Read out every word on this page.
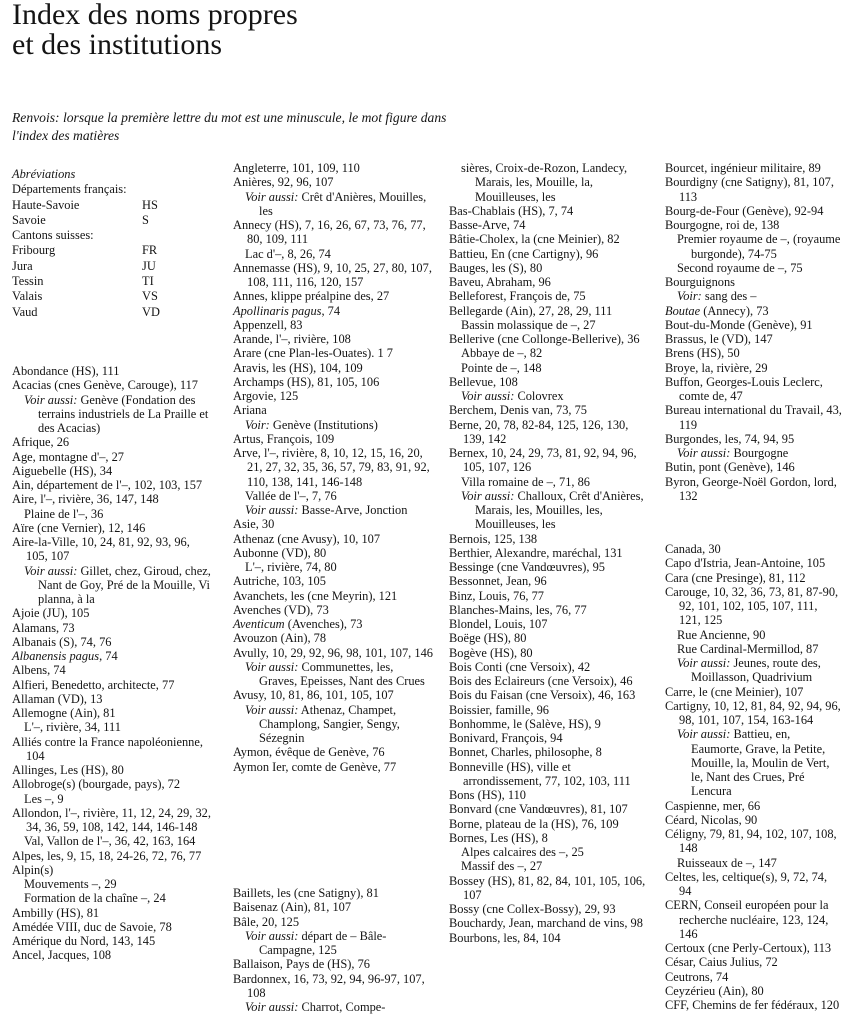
Index des noms propres
et des institutions

Renvois: lorsque la première lettre du mot est une minuscule, le mot figure dans l'index des matières

Abréviations
Départements français:
Haute-Savoie	HS
Savoie	S
Cantons suisses:
Fribourg	FR
Jura	JU
Tessin	TI
Valais	VS
Vaud	VD
Abondance (HS), 111
Acacias (cnes Genève, Carouge), 117
Voir aussi: Genève (Fondation des terrains industriels de La Praille et des Acacias)
Afrique, 26
Age, montagne d'–, 27
Aiguebelle (HS), 34
Ain, département de l'–, 102, 103, 157
Aire, l'–, rivière, 36, 147, 148
Plaine de l'–, 36
Aïre (cne Vernier), 12, 146
Aire-la-Ville, 10, 24, 81, 92, 93, 96, 105, 107
Voir aussi: Gillet, chez, Giroud, chez, Nant de Goy, Pré de la Mouille, Vi planna, à la
Ajoie (JU), 105
Alamans, 73
Albanais (S), 74, 76
Albanensis pagus, 74
Albens, 74
Alfieri, Benedetto, architecte, 77
Allaman (VD), 13
Allemogne (Ain), 81
L'–, rivière, 34, 111
Alliés contre la France napoléonienne, 104
Allinges, Les (HS), 80
Allobroge(s) (bourgade, pays), 72
Les –, 9
Allondon, l'–, rivière, 11, 12, 24, 29, 32, 34, 36, 59, 108, 142, 144, 146-148
Val, Vallon de l'–, 36, 42, 163, 164
Alpes, les, 9, 15, 18, 24-26, 72, 76, 77
Alpin(s)
Mouvements –, 29
Formation de la chaîne –, 24
Ambilly (HS), 81
Amédée VIII, duc de Savoie, 78
Amérique du Nord, 143, 145
Ancel, Jacques, 108
Angleterre, 101, 109, 110
Anières, 92, 96, 107
Voir aussi: Crêt d'Anières, Mouilles, les
Annecy (HS), 7, 16, 26, 67, 73, 76, 77, 80, 109, 111
Lac d'–, 8, 26, 74
Annemasse (HS), 9, 10, 25, 27, 80, 107, 108, 111, 116, 120, 157
Annes, klippe préalpine des, 27
Apollinaris pagus, 74
Appenzell, 83
Arande, l'–, rivière, 108
Arare (cne Plan-les-Ouates). 1 7
Aravis, les (HS), 104, 109
Archamps (HS), 81, 105, 106
Argovie, 125
Ariana
Voir: Genève (Institutions)
Artus, François, 109
Arve, l'–, rivière, 8, 10, 12, 15, 16, 20, 21, 27, 32, 35, 36, 57, 79, 83, 91, 92, 110, 138, 141, 146-148
Vallée de l'–, 7, 76
Voir aussi: Basse-Arve, Jonction
Asie, 30
Athenaz (cne Avusy), 10, 107
Aubonne (VD), 80
L'–, rivière, 74, 80
Autriche, 103, 105
Avanchets, les (cne Meyrin), 121
Avenches (VD), 73
Aventicum (Avenches), 73
Avouzon (Ain), 78
Avully, 10, 29, 92, 96, 98, 101, 107, 146
Voir aussi: Communettes, les, Graves, Epeisses, Nant des Crues
Avusy, 10, 81, 86, 101, 105, 107
Voir aussi: Athenaz, Champet, Champlong, Sangier, Sengy, Sézegnin
Aymon, évêque de Genève, 76
Aymon Ier, comte de Genève, 77
Baillets, les (cne Satigny), 81
Baisenaz (Ain), 81, 107
Bâle, 20, 125
Voir aussi: départ de – Bâle-Campagne, 125
Ballaison, Pays de (HS), 76
Bardonnex, 16, 73, 92, 94, 96-97, 107, 108
Voir aussi: Charrot, Compe-
sières, Croix-de-Rozon, Landecy, Marais, les, Mouille, la, Mouilleuses, les
Bas-Chablais (HS), 7, 74
Basse-Arve, 74
Bâtie-Cholex, la (cne Meinier), 82
Battieu, En (cne Cartigny), 96
Bauges, les (S), 80
Baveu, Abraham, 96
Belleforest, François de, 75
Bellegarde (Ain), 27, 28, 29, 111
Bassin molassique de –, 27
Bellerive (cne Collonge-Bellerive), 36
Abbaye de –, 82
Pointe de –, 148
Bellevue, 108
Voir aussi: Colovrex
Berchem, Denis van, 73, 75
Berne, 20, 78, 82-84, 125, 126, 130, 139, 142
Bernex, 10, 24, 29, 73, 81, 92, 94, 96, 105, 107, 126
Villa romaine de –, 71, 86
Voir aussi: Challoux, Crêt d'Anières, Marais, les, Mouilles, les, Mouilleuses, les
Bernois, 125, 138
Berthier, Alexandre, maréchal, 131
Bessinge (cne Vandœuvres), 95
Bessonnet, Jean, 96
Binz, Louis, 76, 77
Blanches-Mains, les, 76, 77
Blondel, Louis, 107
Boëge (HS), 80
Bogève (HS), 80
Bois Conti (cne Versoix), 42
Bois des Eclaireurs (cne Versoix), 46
Bois du Faisan (cne Versoix), 46, 163
Boissier, famille, 96
Bonhomme, le (Salève, HS), 9
Bonivard, François, 94
Bonnet, Charles, philosophe, 8
Bonneville (HS), ville et arrondissement, 77, 102, 103, 111
Bons (HS), 110
Bonvard (cne Vandœuvres), 81, 107
Borne, plateau de la (HS), 76, 109
Bornes, Les (HS), 8
Alpes calcaires des –, 25
Massif des –, 27
Bossey (HS), 81, 82, 84, 101, 105, 106, 107
Bossy (cne Collex-Bossy), 29, 93
Bouchardy, Jean, marchand de vins, 98
Bourbons, les, 84, 104
Bourcet, ingénieur militaire, 89
Bourdigny (cne Satigny), 81, 107, 113
Bourg-de-Four (Genève), 92-94
Bourgogne, roi de, 138
Premier royaume de –, (royaume burgonde), 74-75
Second royaume de –, 75
Bourguignons
Voir: sang des –
Boutae (Annecy), 73
Bout-du-Monde (Genève), 91
Brassus, le (VD), 147
Brens (HS), 50
Broye, la, rivière, 29
Buffon, Georges-Louis Leclerc, comte de, 47
Bureau international du Travail, 43, 119
Burgondes, les, 74, 94, 95
Voir aussi: Bourgogne
Butin, pont (Genève), 146
Byron, George-Noël Gordon, lord, 132
Canada, 30
Capo d'Istria, Jean-Antoine, 105
Cara (cne Presinge), 81, 112
Carouge, 10, 32, 36, 73, 81, 87-90, 92, 101, 102, 105, 107, 111, 121, 125
Rue Ancienne, 90
Rue Cardinal-Mermillod, 87
Voir aussi: Jeunes, route des, Moillasson, Quadrivium
Carre, le (cne Meinier), 107
Cartigny, 10, 12, 81, 84, 92, 94, 96, 98, 101, 107, 154, 163-164
Voir aussi: Battieu, en, Eaumorte, Grave, la Petite, Mouille, la, Moulin de Vert, le, Nant des Crues, Pré Lencura
Caspienne, mer, 66
Céard, Nicolas, 90
Céligny, 79, 81, 94, 102, 107, 108, 148
Ruisseaux de –, 147
Celtes, les, celtique(s), 9, 72, 74, 94
CERN, Conseil européen pour la recherche nucléaire, 123, 124, 146
Certoux (cne Perly-Certoux), 113
César, Caius Julius, 72
Ceutrons, 74
Ceyzérieu (Ain), 80
CFF, Chemins de fer fédéraux, 120
